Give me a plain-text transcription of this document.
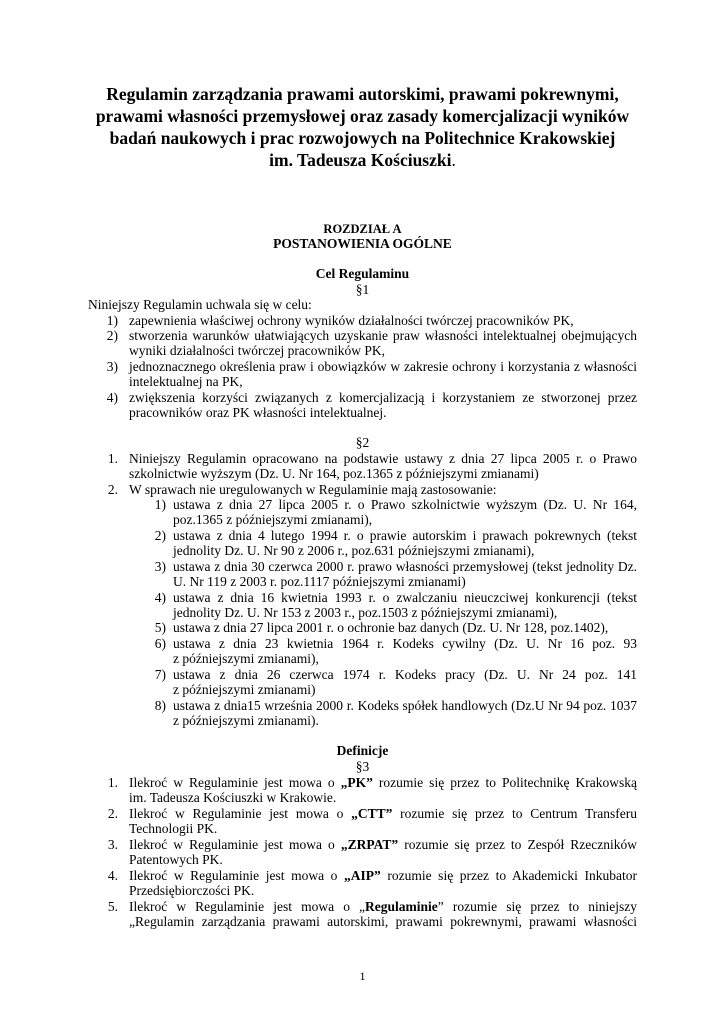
Regulamin zarządzania prawami autorskimi, prawami pokrewnymi,
prawami własności przemysłowej oraz zasady komercjalizacji wyników
badań naukowych i prac rozwojowych na Politechnice Krakowskiej
im. Tadeusza Kościuszki.
ROZDZIAŁ A
POSTANOWIENIA OGÓLNE
Cel Regulaminu
§1
Niniejszy Regulamin uchwala się w celu:
1) zapewnienia właściwej ochrony wyników działalności twórczej pracowników PK,
2) stworzenia warunków ułatwiających uzyskanie praw własności intelektualnej obejmujących
wyniki działalności twórczej pracowników PK,
3) jednoznacznego określenia praw i obowiązków w zakresie ochrony i korzystania z własności
intelektualnej na PK,
4) zwiększenia korzyści związanych z komercjalizacją i korzystaniem ze stworzonej przez
pracowników oraz PK własności intelektualnej.
§2
1. Niniejszy Regulamin opracowano na podstawie ustawy z dnia 27 lipca 2005 r. o Prawo
szkolnictwie wyższym (Dz. U. Nr 164, poz.1365 z późniejszymi zmianami)
2. W sprawach nie uregulowanych w Regulaminie mają zastosowanie:
1) ustawa z dnia 27 lipca 2005 r. o Prawo szkolnictwie wyższym (Dz. U. Nr 164,
poz.1365 z późniejszymi zmianami),
2) ustawa z dnia 4 lutego 1994 r. o prawie autorskim i prawach pokrewnych (tekst
jednolity Dz. U. Nr 90 z 2006 r., poz.631 późniejszymi zmianami),
3) ustawa z dnia 30 czerwca 2000 r. prawo własności przemysłowej (tekst jednolity Dz.
U. Nr 119 z 2003 r. poz.1117 późniejszymi zmianami)
4) ustawa z dnia 16 kwietnia 1993 r. o zwalczaniu nieuczciwej konkurencji (tekst
jednolity Dz. U. Nr 153 z 2003 r., poz.1503 z późniejszymi zmianami),
5) ustawa z dnia 27 lipca 2001 r. o ochronie baz danych (Dz. U. Nr 128, poz.1402),
6) ustawa z dnia 23 kwietnia 1964 r. Kodeks cywilny (Dz. U. Nr 16 poz. 93
z późniejszymi zmianami),
7) ustawa z dnia 26 czerwca 1974 r. Kodeks pracy (Dz. U. Nr 24 poz. 141
z późniejszymi zmianami)
8) ustawa z dnia15 września 2000 r. Kodeks spółek handlowych (Dz.U Nr 94 poz. 1037
z późniejszymi zmianami).
Definicje
§3
1. Ilekroć w Regulaminie jest mowa o „PK” rozumie się przez to Politechnikę Krakowską
im. Tadeusza Kościuszki w Krakowie.
2. Ilekroć w Regulaminie jest mowa o „CTT” rozumie się przez to Centrum Transferu
Technologii PK.
3. Ilekroć w Regulaminie jest mowa o „ZRPAT” rozumie się przez to Zespół Rzeczników
Patentowych PK.
4. Ilekroć w Regulaminie jest mowa o „AIP” rozumie się przez to Akademicki Inkubator
Przedsiębiorczości PK.
5. Ilekroć w Regulaminie jest mowa o „Regulaminie” rozumie się przez to niniejszy
„Regulamin zarządzania prawami autorskimi, prawami pokrewnymi, prawami własności
1
